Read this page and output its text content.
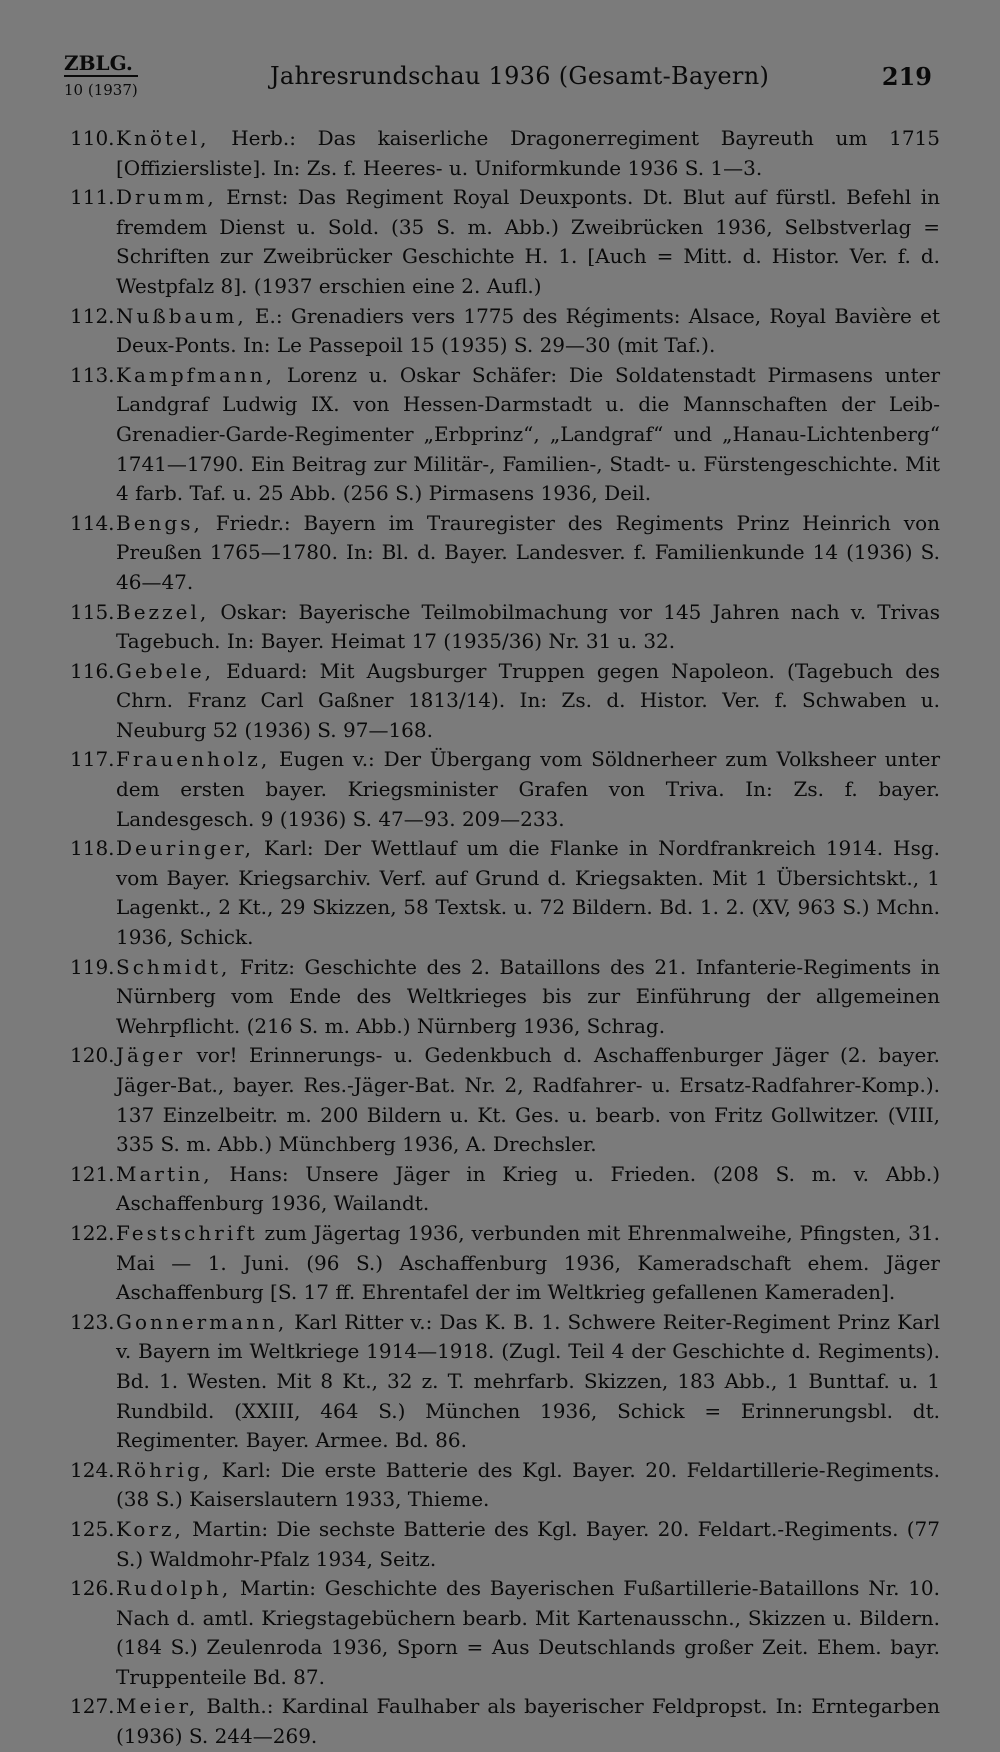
ZBLG.
10 (1937)	Jahresrundschau 1936 (Gesamt-Bayern)	219
110. Knötel, Herb.: Das kaiserliche Dragonerregiment Bayreuth um 1715 [Offiziersliste]. In: Zs. f. Heeres- u. Uniformkunde 1936 S. 1—3.
111. Drumm, Ernst: Das Regiment Royal Deuxponts. Dt. Blut auf fürstl. Befehl in fremdem Dienst u. Sold. (35 S. m. Abb.) Zweibrücken 1936, Selbstverlag = Schriften zur Zweibrücker Geschichte H. 1. [Auch = Mitt. d. Histor. Ver. f. d. Westpfalz 8]. (1937 erschien eine 2. Aufl.)
112. Nußbaum, E.: Grenadiers vers 1775 des Régiments: Alsace, Royal Bavière et Deux-Ponts. In: Le Passepoil 15 (1935) S. 29—30 (mit Taf.).
113. Kampfmann, Lorenz u. Oskar Schäfer: Die Soldatenstadt Pirmasens unter Landgraf Ludwig IX. von Hessen-Darmstadt u. die Mannschaften der Leib-Grenadier-Garde-Regimenter „Erbprinz“, „Landgraf“ und „Hanau-Lichtenberg“ 1741—1790. Ein Beitrag zur Militär-, Familien-, Stadt- u. Fürstengeschichte. Mit 4 farb. Taf. u. 25 Abb. (256 S.) Pirmasens 1936, Deil.
114. Bengs, Friedr.: Bayern im Trauregister des Regiments Prinz Heinrich von Preußen 1765—1780. In: Bl. d. Bayer. Landesver. f. Familienkunde 14 (1936) S. 46—47.
115. Bezzel, Oskar: Bayerische Teilmobilmachung vor 145 Jahren nach v. Trivas Tagebuch. In: Bayer. Heimat 17 (1935/36) Nr. 31 u. 32.
116. Gebele, Eduard: Mit Augsburger Truppen gegen Napoleon. (Tagebuch des Chrn. Franz Carl Gaßner 1813/14). In: Zs. d. Histor. Ver. f. Schwaben u. Neuburg 52 (1936) S. 97—168.
117. Frauenholz, Eugen v.: Der Übergang vom Söldnerheer zum Volksheer unter dem ersten bayer. Kriegsminister Grafen von Triva. In: Zs. f. bayer. Landesgesch. 9 (1936) S. 47—93. 209—233.
118. Deuringer, Karl: Der Wettlauf um die Flanke in Nordfrankreich 1914. Hsg. vom Bayer. Kriegsarchiv. Verf. auf Grund d. Kriegsakten. Mit 1 Übersichtskt., 1 Lagenkt., 2 Kt., 29 Skizzen, 58 Textsk. u. 72 Bildern. Bd. 1. 2. (XV, 963 S.) Mchn. 1936, Schick.
119. Schmidt, Fritz: Geschichte des 2. Bataillons des 21. Infanterie-Regiments in Nürnberg vom Ende des Weltkrieges bis zur Einführung der allgemeinen Wehrpflicht. (216 S. m. Abb.) Nürnberg 1936, Schrag.
120. Jäger vor! Erinnerungs- u. Gedenkbuch d. Aschaffenburger Jäger (2. bayer. Jäger-Bat., bayer. Res.-Jäger-Bat. Nr. 2, Radfahrer- u. Ersatz-Radfahrer-Komp.). 137 Einzelbeitr. m. 200 Bildern u. Kt. Ges. u. bearb. von Fritz Gollwitzer. (VIII, 335 S. m. Abb.) Münchberg 1936, A. Drechsler.
121. Martin, Hans: Unsere Jäger in Krieg u. Frieden. (208 S. m. v. Abb.) Aschaffenburg 1936, Wailandt.
122. Festschrift zum Jägertag 1936, verbunden mit Ehrenmalweihe, Pfingsten, 31. Mai — 1. Juni. (96 S.) Aschaffenburg 1936, Kameradschaft ehem. Jäger Aschaffenburg [S. 17 ff. Ehrentafel der im Weltkrieg gefallenen Kameraden].
123. Gonnermann, Karl Ritter v.: Das K. B. 1. Schwere Reiter-Regiment Prinz Karl v. Bayern im Weltkriege 1914—1918. (Zugl. Teil 4 der Geschichte d. Regiments). Bd. 1. Westen. Mit 8 Kt., 32 z. T. mehrfarb. Skizzen, 183 Abb., 1 Bunttaf. u. 1 Rundbild. (XXIII, 464 S.) München 1936, Schick = Erinnerungsbl. dt. Regimenter. Bayer. Armee. Bd. 86.
124. Röhrig, Karl: Die erste Batterie des Kgl. Bayer. 20. Feldartillerie-Regiments. (38 S.) Kaiserslautern 1933, Thieme.
125. Korz, Martin: Die sechste Batterie des Kgl. Bayer. 20. Feldart.-Regiments. (77 S.) Waldmohr-Pfalz 1934, Seitz.
126. Rudolph, Martin: Geschichte des Bayerischen Fußartillerie-Bataillons Nr. 10. Nach d. amtl. Kriegstagebüchern bearb. Mit Kartenausschn., Skizzen u. Bildern. (184 S.) Zeulenroda 1936, Sporn = Aus Deutschlands großer Zeit. Ehem. bayr. Truppenteile Bd. 87.
127. Meier, Balth.: Kardinal Faulhaber als bayerischer Feldpropst. In: Erntegarben (1936) S. 244—269.
